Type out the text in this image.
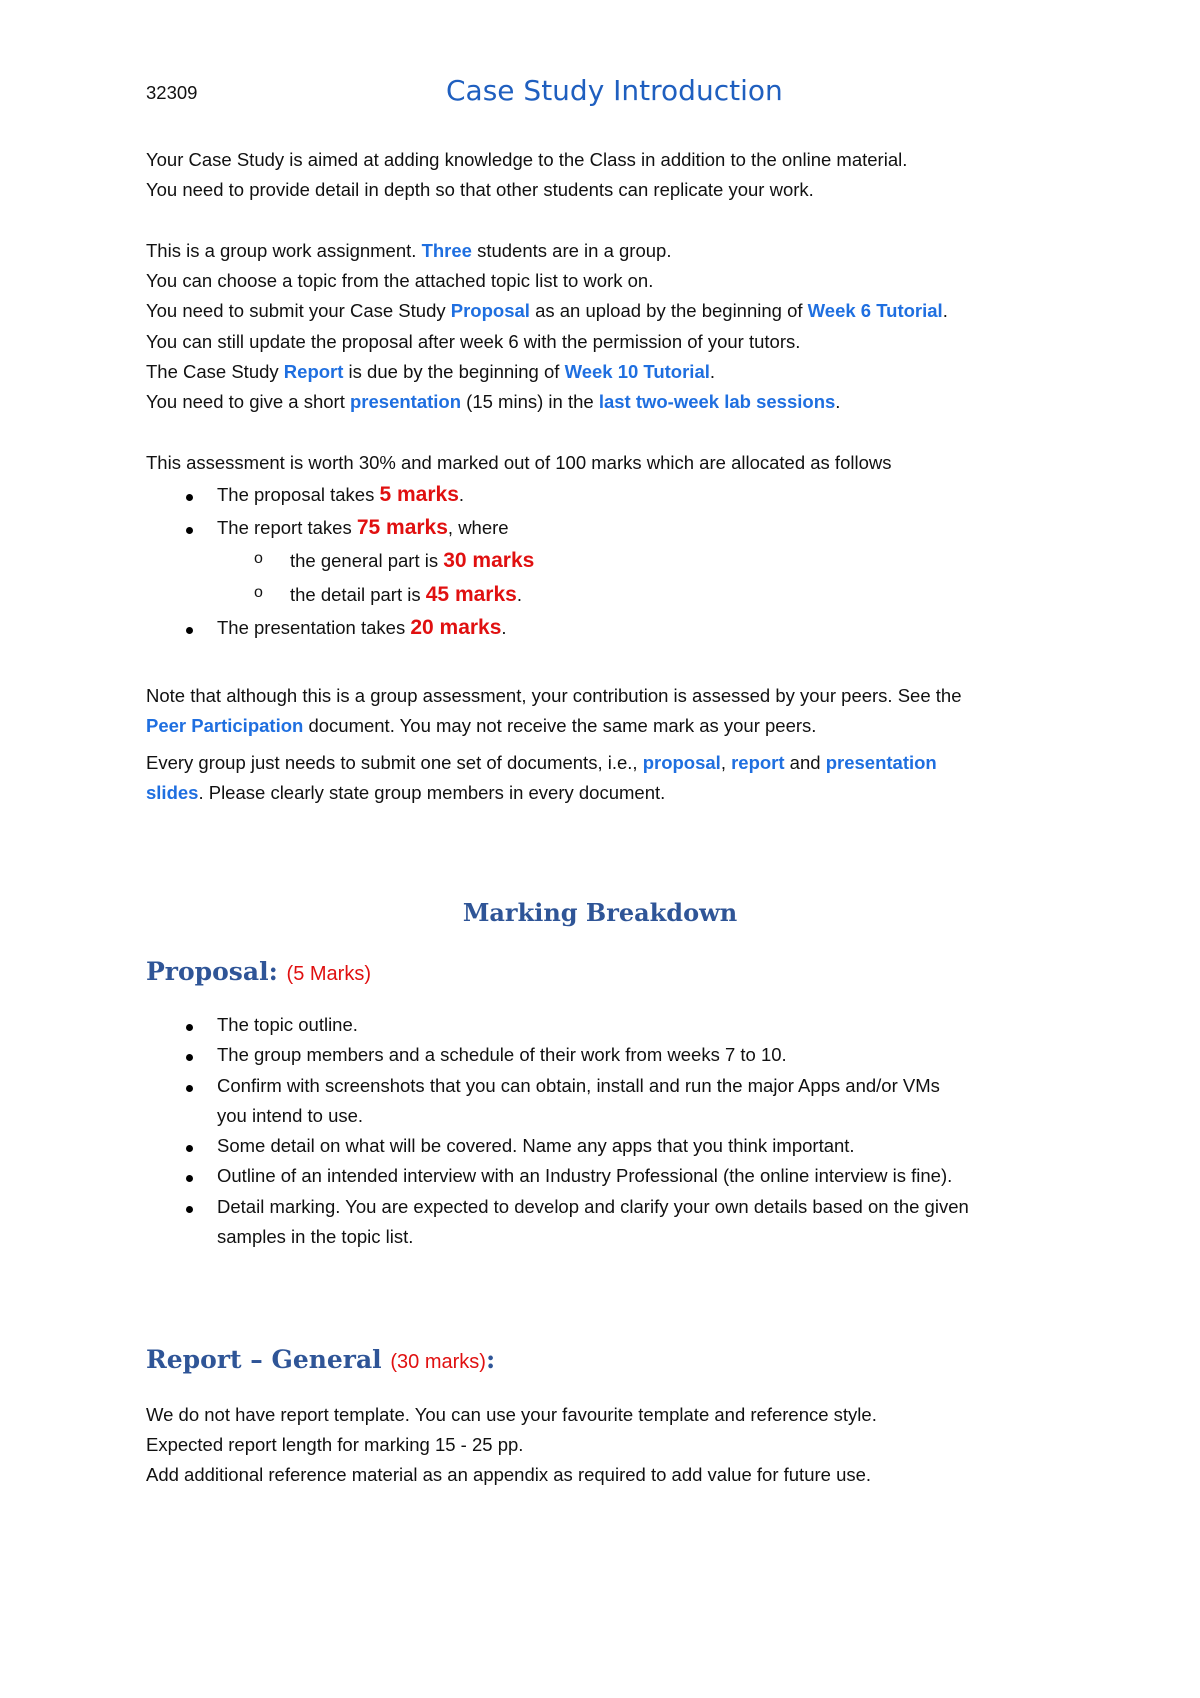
32309	Case Study Introduction
Your Case Study is aimed at adding knowledge to the Class in addition to the online material.
You need to provide detail in depth so that other students can replicate your work.
This is a group work assignment. Three students are in a group.
You can choose a topic from the attached topic list to work on.
You need to submit your Case Study Proposal as an upload by the beginning of Week 6 Tutorial.
You can still update the proposal after week 6 with the permission of your tutors.
The Case Study Report is due by the beginning of Week 10 Tutorial.
You need to give a short presentation (15 mins) in the last two-week lab sessions.
This assessment is worth 30% and marked out of 100 marks which are allocated as follows
The proposal takes 5 marks.
The report takes 75 marks, where
o the general part is 30 marks
o the detail part is 45 marks.
The presentation takes 20 marks.
Note that although this is a group assessment, your contribution is assessed by your peers. See the
Peer Participation document. You may not receive the same mark as your peers.
Every group just needs to submit one set of documents, i.e., proposal, report and presentation
slides. Please clearly state group members in every document.
Marking Breakdown
Proposal: (5 Marks)
The topic outline.
The group members and a schedule of their work from weeks 7 to 10.
Confirm with screenshots that you can obtain, install and run the major Apps and/or VMs
you intend to use.
Some detail on what will be covered. Name any apps that you think important.
Outline of an intended interview with an Industry Professional (the online interview is fine).
Detail marking. You are expected to develop and clarify your own details based on the given
samples in the topic list.
Report – General (30 marks):
We do not have report template. You can use your favourite template and reference style.
Expected report length for marking 15 - 25 pp.
Add additional reference material as an appendix as required to add value for future use.
